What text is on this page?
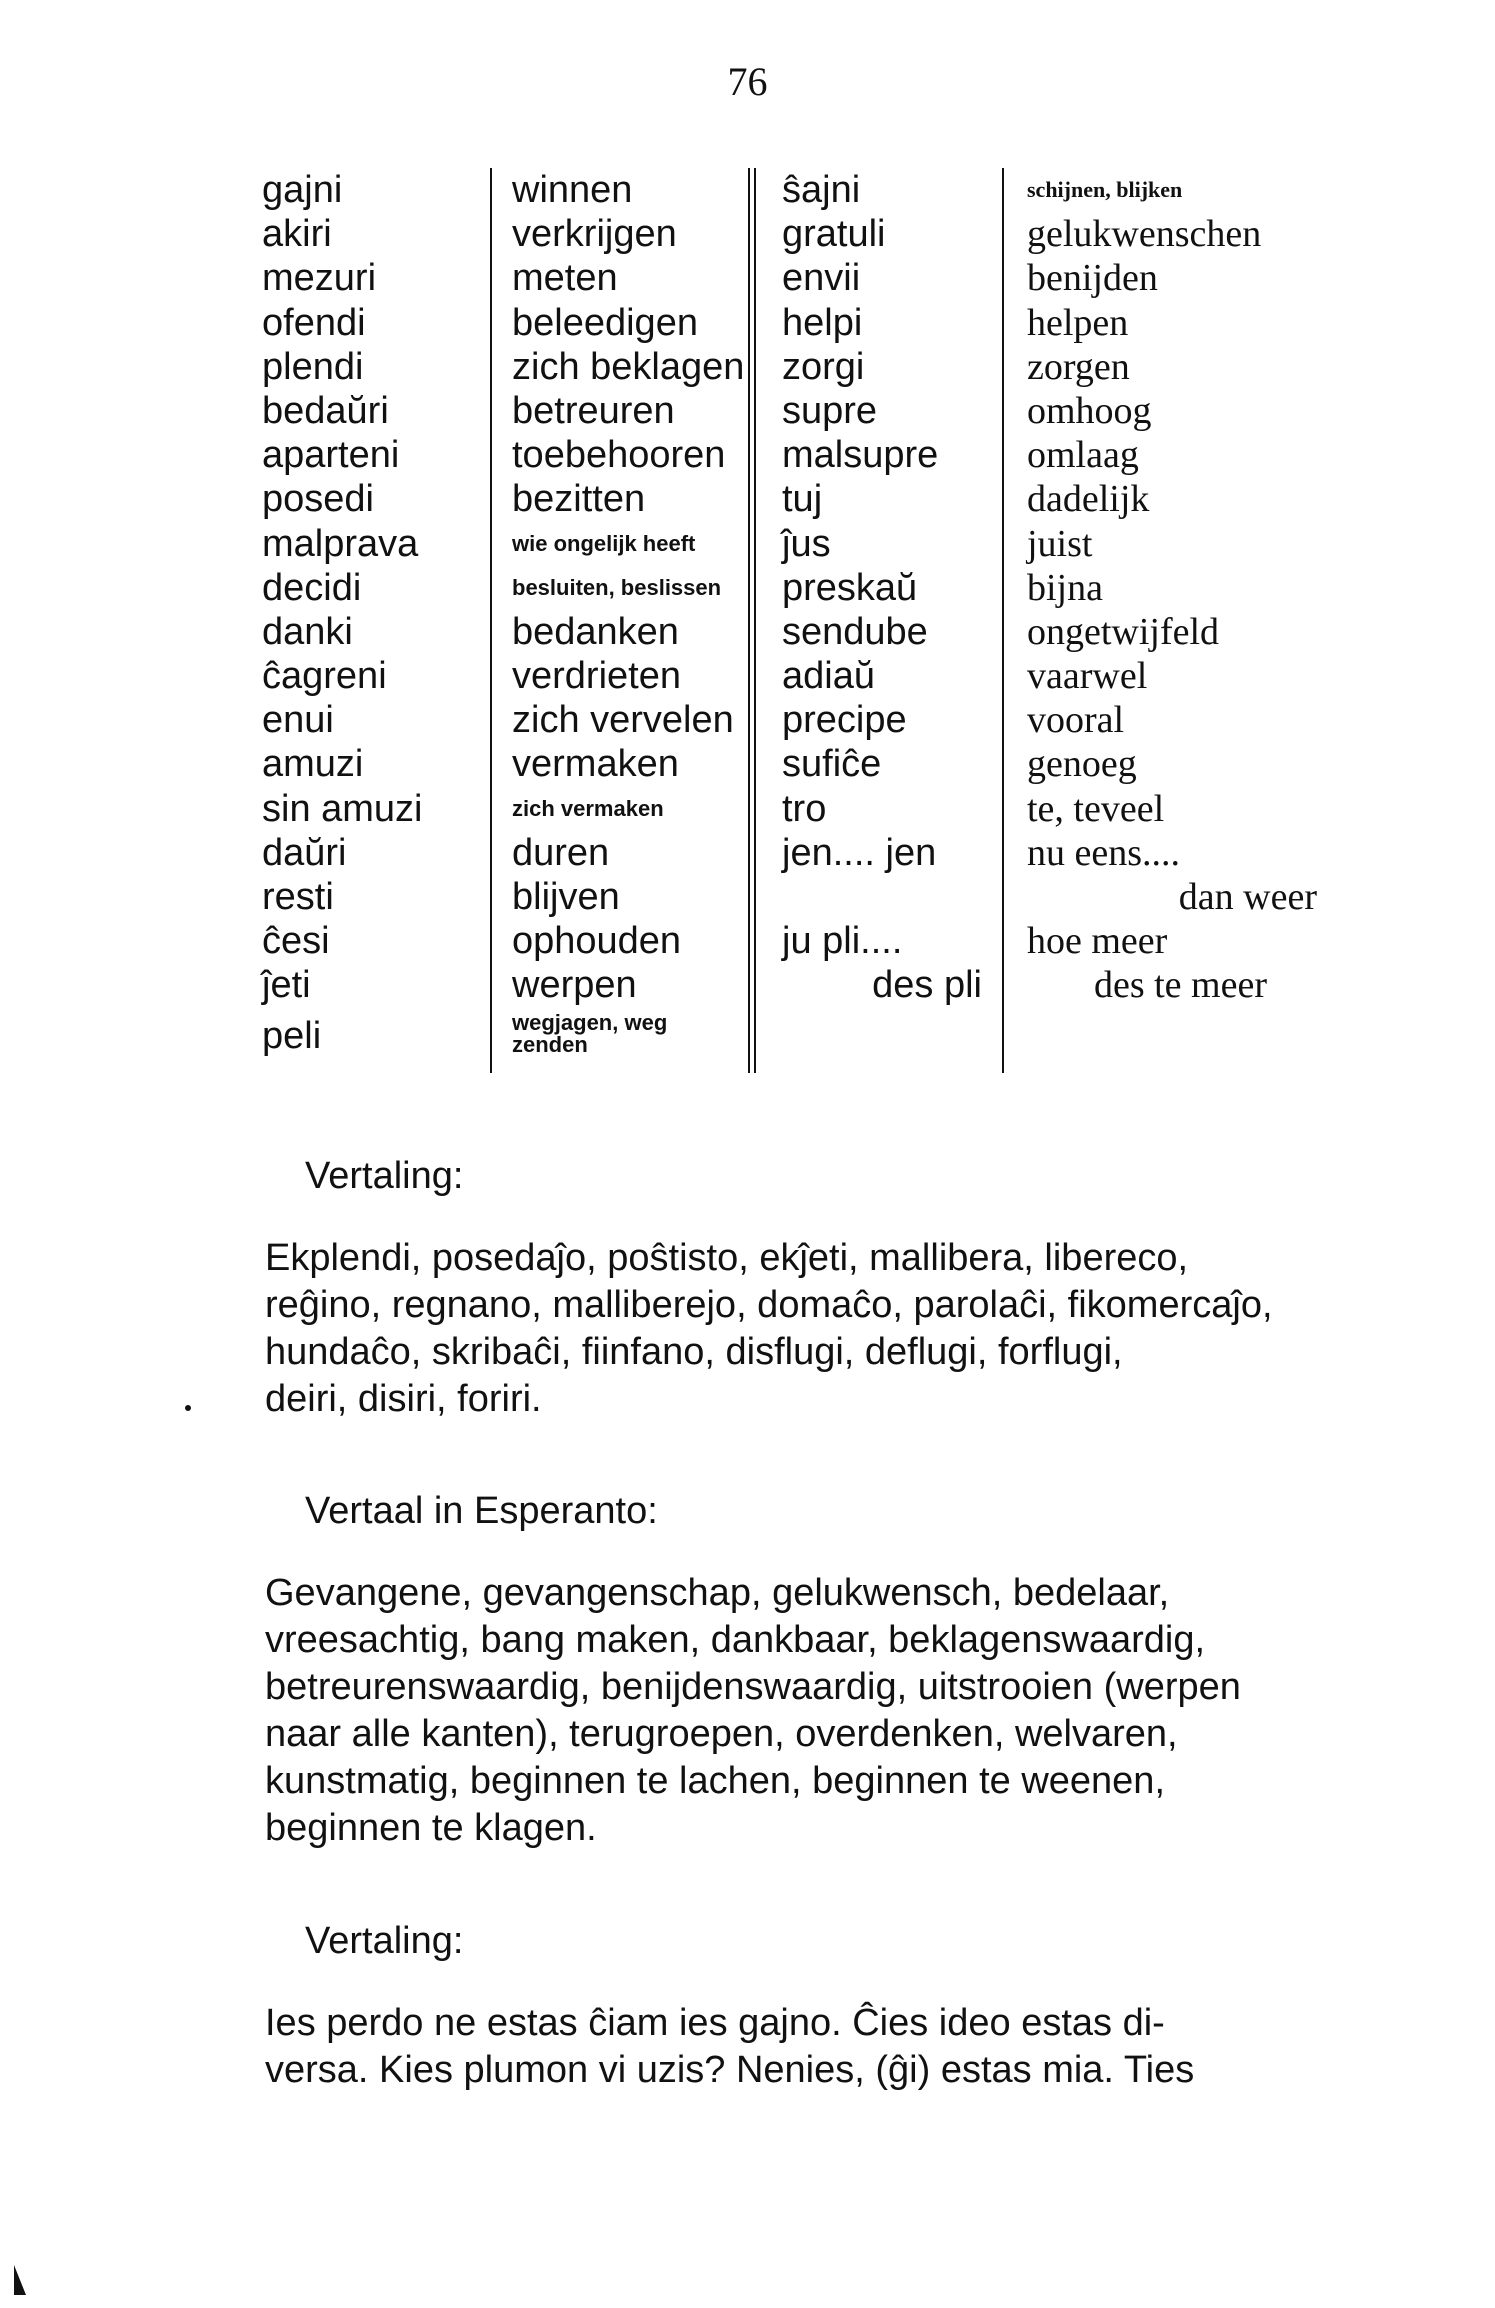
76
gajni
akiri
mezuri
ofendi
plendi
bedaŭri
aparteni
posedi
malprava
decidi
danki
ĉagreni
enui
amuzi
sin amuzi
daŭri
resti
ĉesi
ĵeti
peli
winnen
verkrijgen
meten
beleedigen
zich beklagen
betreuren
toebehooren
bezitten
wie ongelijk heeft
besluiten, beslissen
bedanken
verdrieten
zich vervelen
vermaken
zich vermaken
duren
blijven
ophouden
werpen
wegjagen, weg zenden
ŝajni
gratuli
envii
helpi
zorgi
supre
malsupre
tuj
ĵus
preskaŭ
sendube
adiaŭ
precipe
sufiĉe
tro
jen.... jen
ju pli....
des pli
schijnen, blijken
gelukwenschen
benijden
helpen
zorgen
omhoog
omlaag
dadelijk
juist
bijna
ongetwijfeld
vaarwel
vooral
genoeg
te, teveel
nu eens....
dan weer
hoe meer
des te meer
Vertaling:
Ekplendi, posedaĵo, poŝtisto, ekĵeti, mallibera, libereco,
reĝino, regnano, malliberejo, domaĉo, parolaĉi, fikomercaĵo,
hundaĉo, skribaĉi, fiinfano, disflugi, deflugi, forflugi,
deiri, disiri, foriri.
Vertaal in Esperanto:
Gevangene, gevangenschap, gelukwensch, bedelaar,
vreesachtig, bang maken, dankbaar, beklagenswaardig,
betreurenswaardig, benijdenswaardig, uitstrooien (werpen
naar alle kanten), terugroepen, overdenken, welvaren,
kunstmatig, beginnen te lachen, beginnen te weenen,
beginnen te klagen.
Vertaling:
Ies perdo ne estas ĉiam ies gajno. Ĉies ideo estas di-
versa. Kies plumon vi uzis? Nenies, (ĝi) estas mia. Ties
